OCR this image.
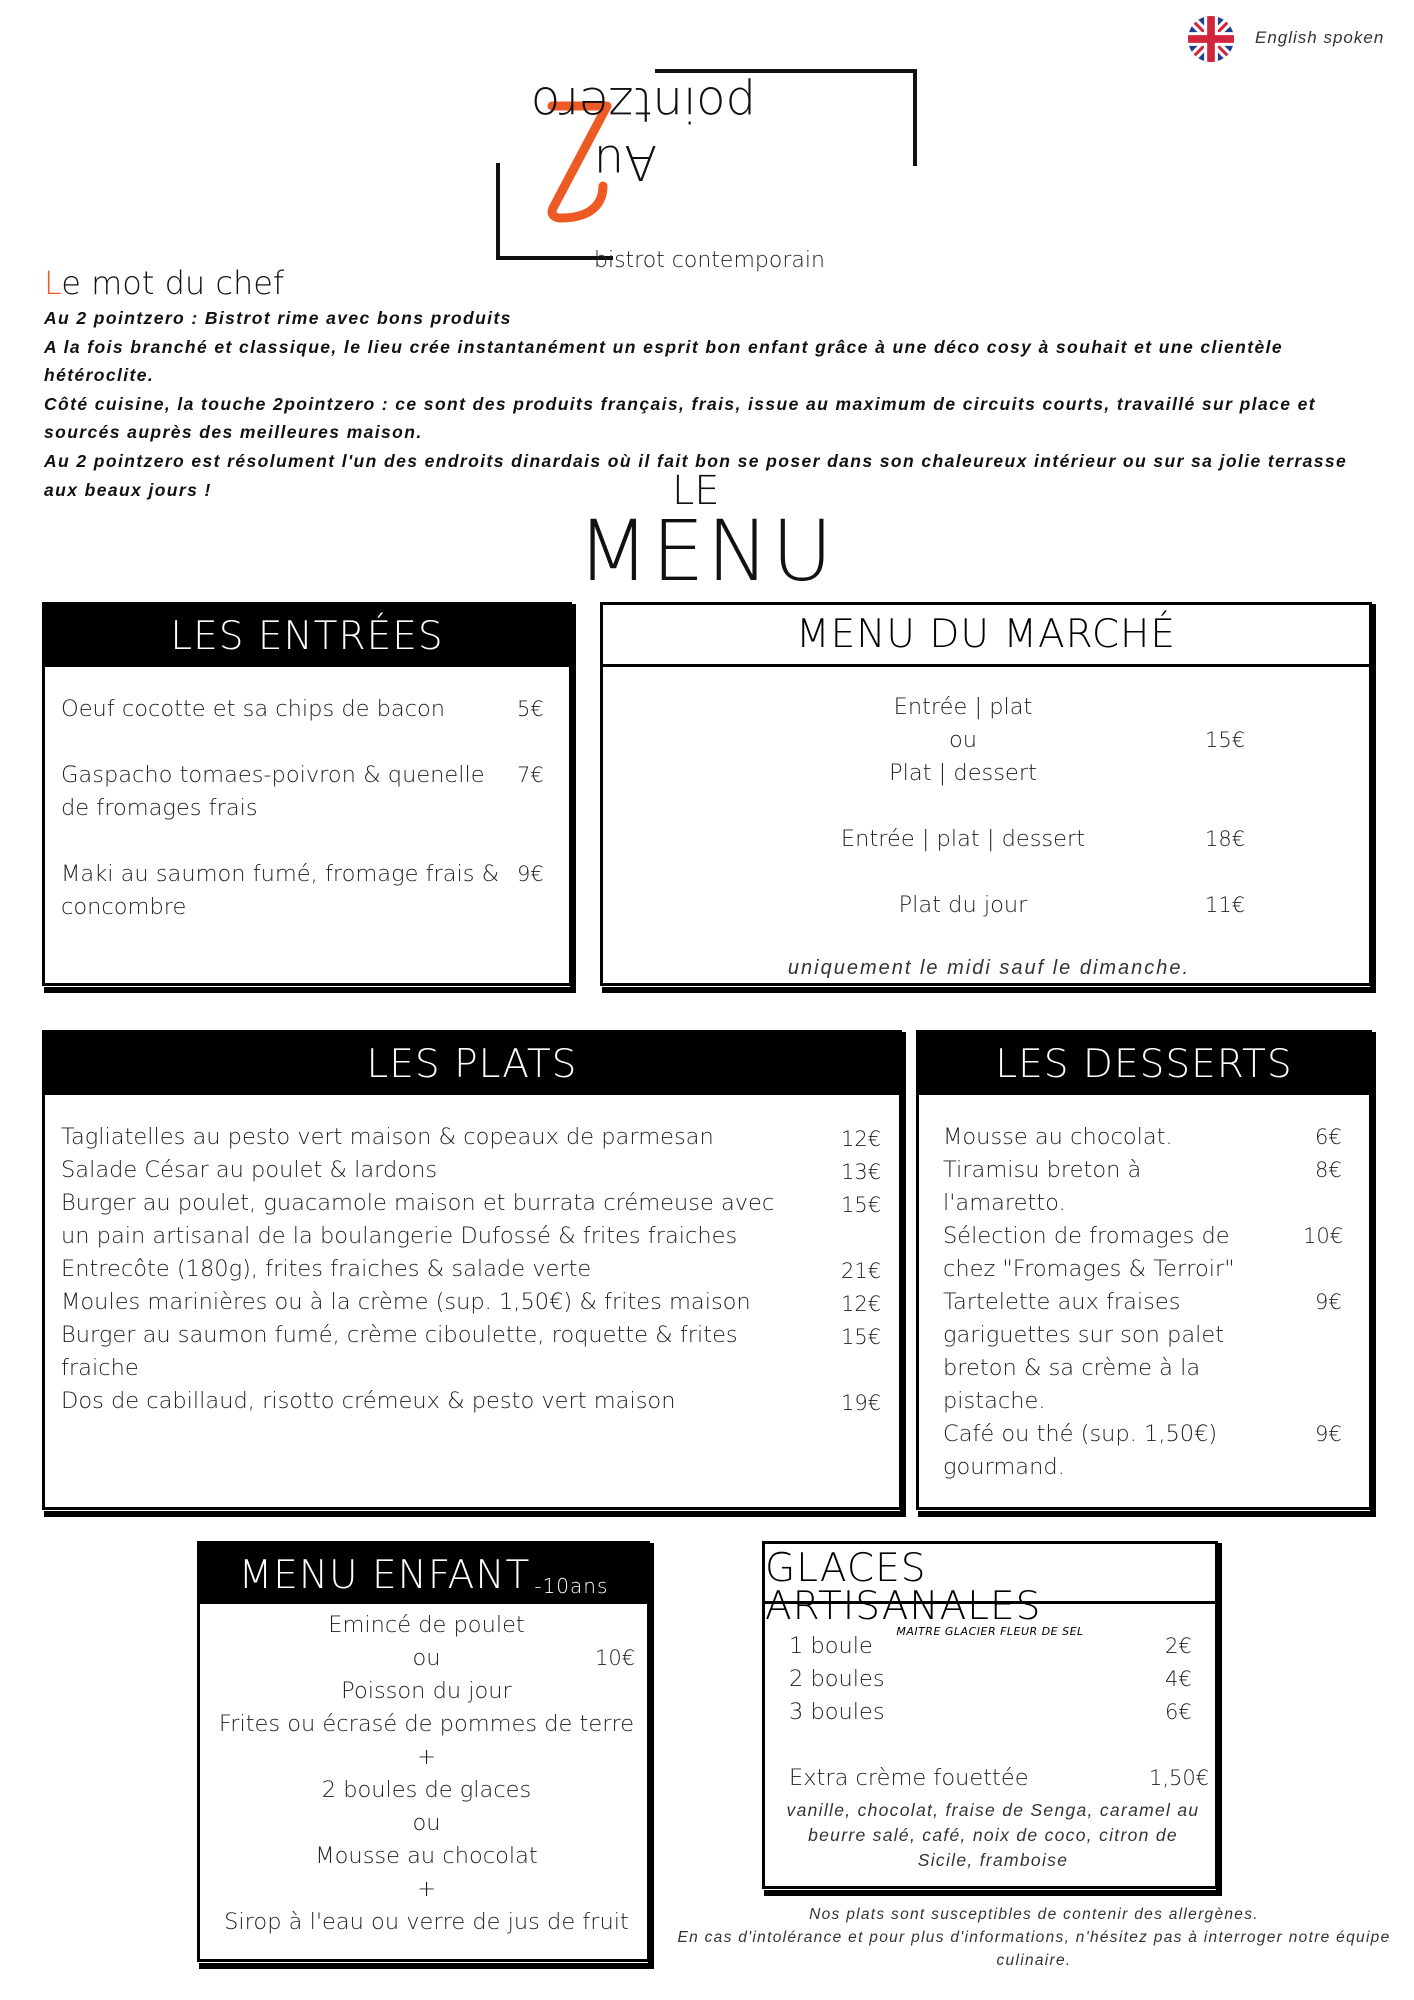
English spoken
pointzero
Au
bistrot contemporain
Le mot du chef
Au 2 pointzero : Bistrot rime avec bons produits
A la fois branché et classique, le lieu crée instantanément un esprit bon enfant grâce à une déco cosy à souhait et une clientèle hétéroclite.
Côté cuisine, la touche 2pointzero : ce sont des produits français, frais, issue au maximum de circuits courts, travaillé sur place et sourcés auprès des meilleures maison.
Au 2 pointzero est résolument l'un des endroits dinardais où il fait bon se poser dans son chaleureux intérieur ou sur sa jolie terrasse aux beaux jours !	LE
MENU
LES ENTRÉES
Oeuf cocotte et sa chips de bacon	5€
Gaspacho tomaes-poivron & quenelle de fromages frais
7€
Maki au saumon fumé, fromage frais & concombre
9€
MENU DU MARCHÉ
Entrée | plat
ou
Plat | dessert
15€
Entrée | plat | dessert	18€
Plat du jour	11€
uniquement le midi sauf le dimanche.
LES PLATS
Tagliatelles au pesto vert maison & copeaux de parmesan	12€
Salade César au poulet & lardons	13€
Burger au poulet, guacamole maison et burrata crémeuse avec un pain artisanal de la boulangerie Dufossé & frites fraiches
15€
Entrecôte (180g), frites fraiches & salade verte	21€
Moules marinières ou à la crème (sup. 1,50€) & frites maison	12€
Burger au saumon fumé, crème ciboulette, roquette & frites fraiche
15€
Dos de cabillaud, risotto crémeux & pesto vert maison	19€
LES DESSERTS
Mousse au chocolat.	6€
Tiramisu breton à l'amaretto.
8€
Sélection de fromages de chez "Fromages & Terroir"
10€
Tartelette aux fraises gariguettes sur son palet breton & sa crème à la pistache.
9€
Café ou thé (sup. 1,50€) gourmand.
9€
MENU ENFANT -10ans
Emincé de poulet
ou
Poisson du jour
Frites ou écrasé de pommes de terre
+
2 boules de glaces
ou
Mousse au chocolat
+
Sirop à l'eau ou verre de jus de fruit
10€
GLACES ARTISANALES
MAITRE GLACIER FLEUR DE SEL
1 boule	2€
2 boules	4€
3 boules	6€
Extra crème fouettée	1,50€
vanille, chocolat, fraise de Senga, caramel au beurre salé, café, noix de coco, citron de Sicile, framboise
Nos plats sont susceptibles de contenir des allergènes.
En cas d'intolérance et pour plus d'informations, n'hésitez pas à interroger notre équipe culinaire.
